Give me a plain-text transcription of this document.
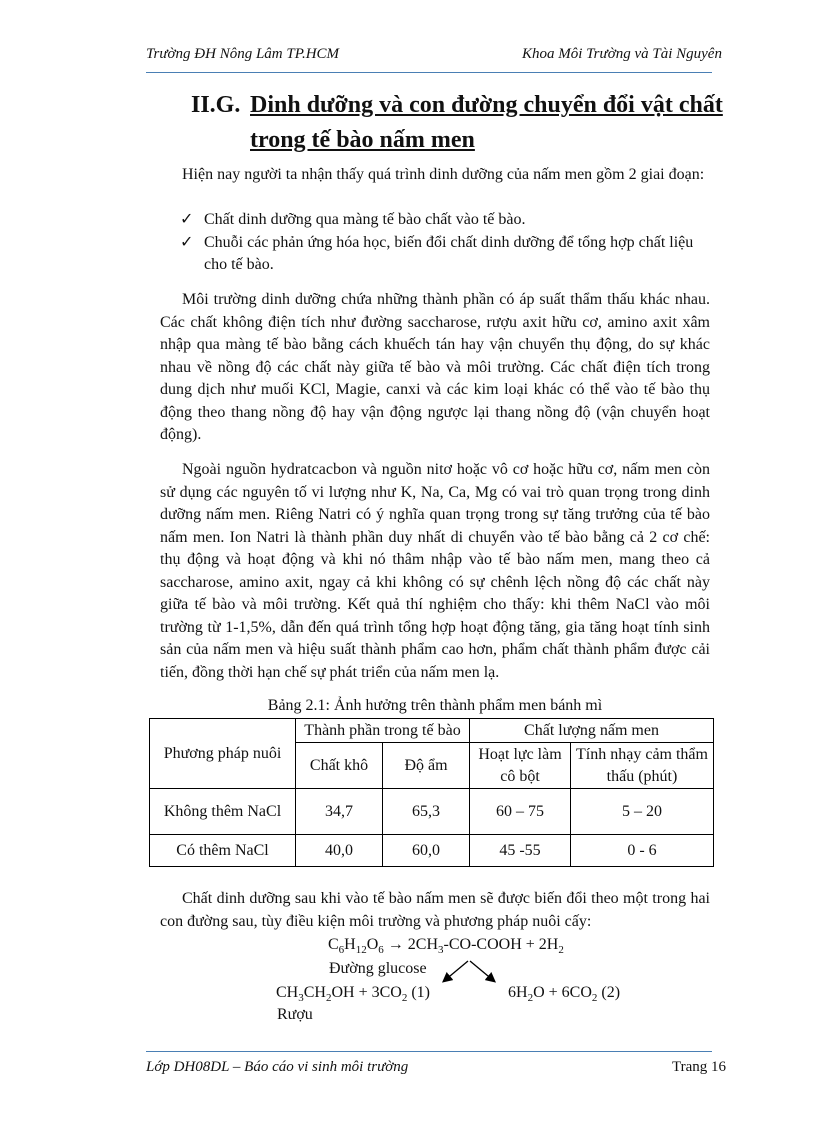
Trường ĐH Nông Lâm TP.HCM	Khoa Môi Trường và Tài Nguyên
II.G. Dinh dưỡng và con đường chuyển đổi vật chất
trong tế bào nấm men
Hiện nay người ta nhận thấy quá trình dinh dưỡng của nấm men gồm 2 giai đoạn:
✓ Chất dinh dưỡng qua màng tế bào chất vào tế bào.
✓ Chuỗi các phản ứng hóa học, biến đổi chất dinh dưỡng để tổng hợp chất liệu cho tế bào.
Môi trường dinh dưỡng chứa những thành phần có áp suất thẩm thấu khác nhau. Các chất không điện tích như đường saccharose, rượu axit hữu cơ, amino axit xâm nhập qua màng tế bào bằng cách khuếch tán hay vận chuyển thụ động, do sự khác nhau về nồng độ các chất này giữa tế bào và môi trường. Các chất điện tích trong dung dịch như muối KCl, Magie, canxi và các kim loại khác có thể vào tế bào thụ động theo thang nồng độ hay vận động ngược lại thang nồng độ (vận chuyển hoạt động).
Ngoài nguồn hydratcacbon và nguồn nitơ hoặc vô cơ hoặc hữu cơ, nấm men còn sử dụng các nguyên tố vi lượng như K, Na, Ca, Mg có vai trò quan trọng trong dinh dưỡng nấm men. Riêng Natri có ý nghĩa quan trọng trong sự tăng trưởng của tế bào nấm men. Ion Natri là thành phần duy nhất di chuyển vào tế bào bằng cả 2 cơ chế: thụ động và hoạt động và khi nó thâm nhập vào tế bào nấm men, mang theo cả saccharose, amino axit, ngay cả khi không có sự chênh lệch nồng độ các chất này giữa tế bào và môi trường. Kết quả thí nghiệm cho thấy: khi thêm NaCl vào môi trường từ 1-1,5%, dẫn đến quá trình tổng hợp hoạt động tăng, gia tăng hoạt tính sinh sản của nấm men và hiệu suất thành phẩm cao hơn, phẩm chất thành phẩm được cải tiến, đồng thời hạn chế sự phát triển của nấm men lạ.
Bảng 2.1: Ảnh hưởng trên thành phẩm men bánh mì
Phương pháp nuôi	Thành phần trong tế bào		Chất lượng nấm men	
	Chất khô	Độ ẩm	Hoạt lực làm cô bột	Tính nhạy cảm thẩm thấu (phút)
Không thêm NaCl	34,7	65,3	60 – 75	5 – 20
Có thêm NaCl	40,0	60,0	45 -55	0 - 6
Chất dinh dưỡng sau khi vào tế bào nấm men sẽ được biến đổi theo một trong hai con đường sau, tùy điều kiện môi trường và phương pháp nuôi cấy:
$C_6H_{12}O_6$ → $2CH_3-CO$-COOH + $2H_2$
Đường glucose
$CH_3CH_2OH + 3CO_2$ (1)	$6H_2O + 6CO_2$ (2)
Rượu
Lớp DH08DL – Báo cáo vi sinh môi trường	Trang 16
